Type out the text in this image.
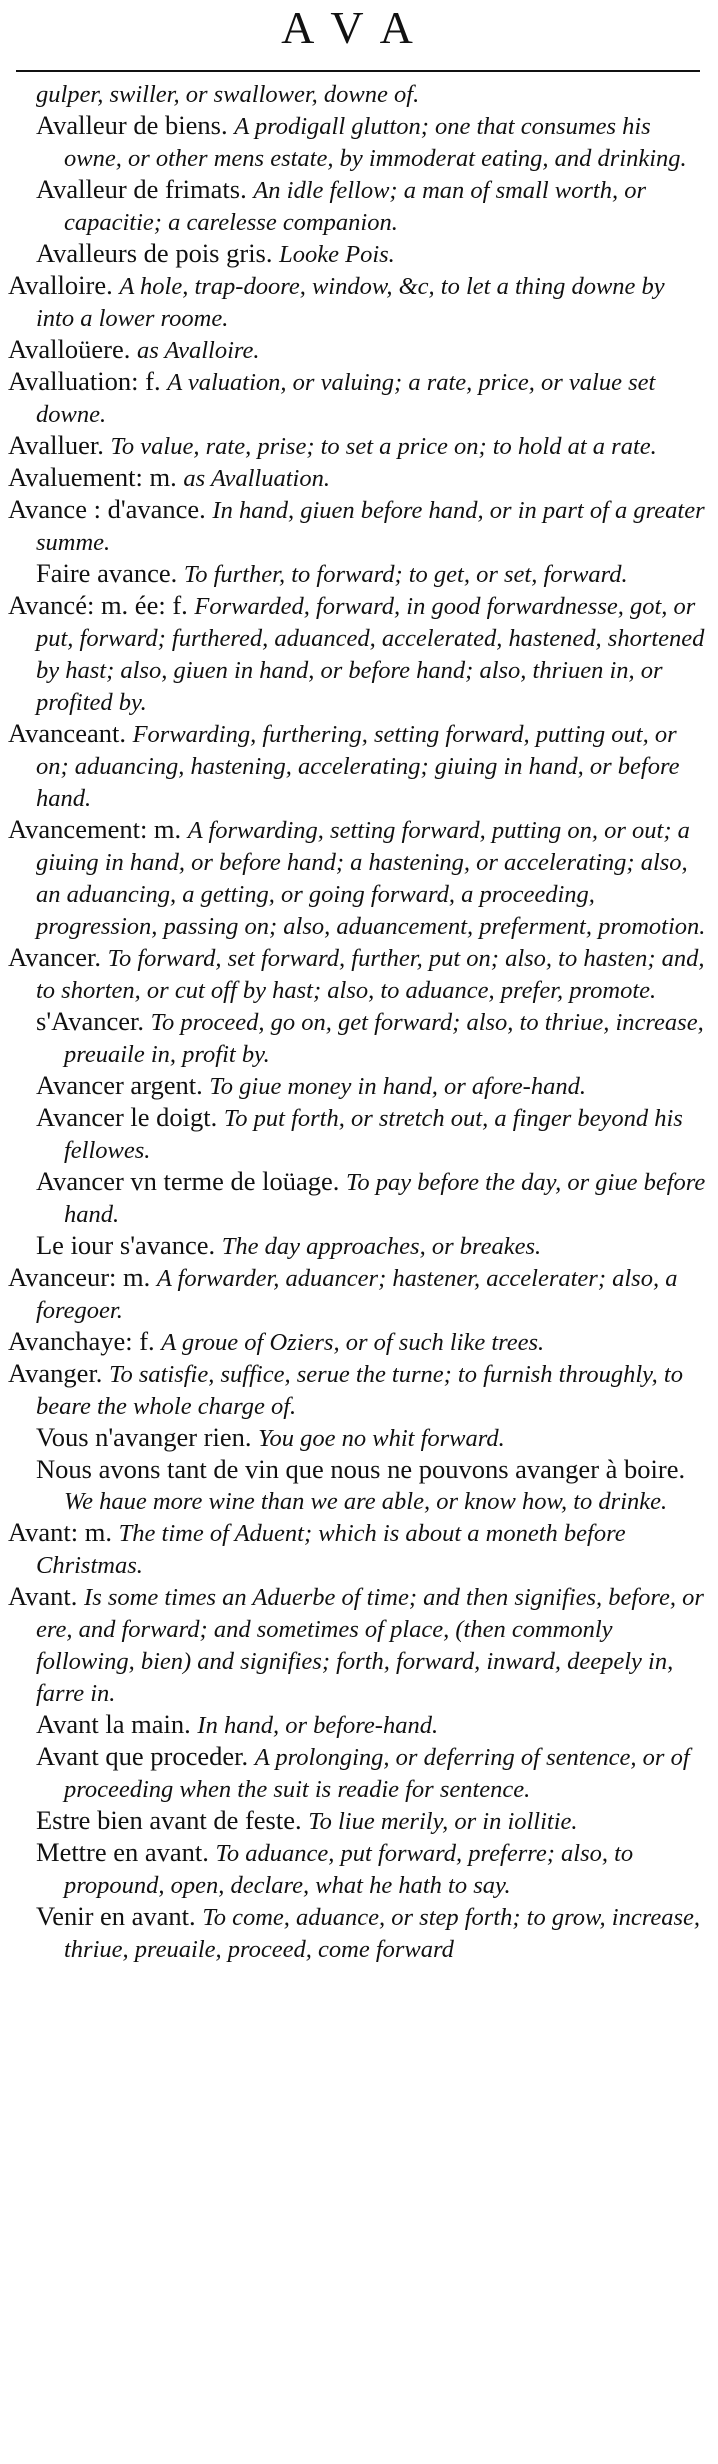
AVA

gulper, swiller, or swallower, downe of.

Avalleur de biens. A prodigall glutton; one that consumes his owne, or other mens estate, by immoderat eating, and drinking.

Avalleur de frimats. An idle fellow; a man of small worth, or capacitie; a carelesse companion.

Avalleurs de pois gris. Looke Pois.

Avalloire. A hole, trap-doore, window, &c, to let a thing downe by into a lower roome.

Avalloüere. as Avalloire.

Avalluation: f. A valuation, or valuing; a rate, price, or value set downe.

Avalluer. To value, rate, prise; to set a price on; to hold at a rate.

Avaluement: m. as Avalluation.

Avance : d'avance. In hand, giuen before hand, or in part of a greater summe.

Faire avance. To further, to forward; to get, or set, forward.

Avancé: m. ée: f. Forwarded, forward, in good forwardnesse, got, or put, forward; furthered, aduanced, accelerated, hastened, shortened by hast; also, giuen in hand, or before hand; also, thriuen in, or profited by.

Avanceant. Forwarding, furthering, setting forward, putting out, or on; aduancing, hastening, accelerating; giuing in hand, or before hand.

Avancement: m. A forwarding, setting forward, putting on, or out; a giuing in hand, or before hand; a hastening, or accelerating; also, an aduancing, a getting, or going forward, a proceeding, progression, passing on; also, aduancement, preferment, promotion.

Avancer. To forward, set forward, further, put on; also, to hasten; and, to shorten, or cut off by hast; also, to aduance, prefer, promote.

s'Avancer. To proceed, go on, get forward; also, to thriue, increase, preuaile in, profit by.

Avancer argent. To giue money in hand, or afore-hand.

Avancer le doigt. To put forth, or stretch out, a finger beyond his fellowes.

Avancer vn terme de loüage. To pay before the day, or giue before hand.

Le iour s'avance. The day approaches, or breakes.

Avanceur: m. A forwarder, aduancer; hastener, accelerater; also, a foregoer.

Avanchaye: f. A groue of Oziers, or of such like trees.

Avanger. To satisfie, suffice, serue the turne; to furnish throughly, to beare the whole charge of.

Vous n'avanger rien. You goe no whit forward.

Nous avons tant de vin que nous ne pouvons avanger à boire. We haue more wine than we are able, or know how, to drinke.

Avant: m. The time of Aduent; which is about a moneth before Christmas.

Avant. Is some times an Aduerbe of time; and then signifies, before, or ere, and forward; and sometimes of place, (then commonly following, bien) and signifies; forth, forward, inward, deepely in, farre in.

Avant la main. In hand, or before-hand.

Avant que proceder. A prolonging, or deferring of sentence, or of proceeding when the suit is readie for sentence.

Estre bien avant de feste. To liue merily, or in iollitie.

Mettre en avant. To aduance, put forward, preferre; also, to propound, open, declare, what he hath to say.

Venir en avant. To come, aduance, or step forth; to grow, increase, thriue, preuaile, proceed, come forward
